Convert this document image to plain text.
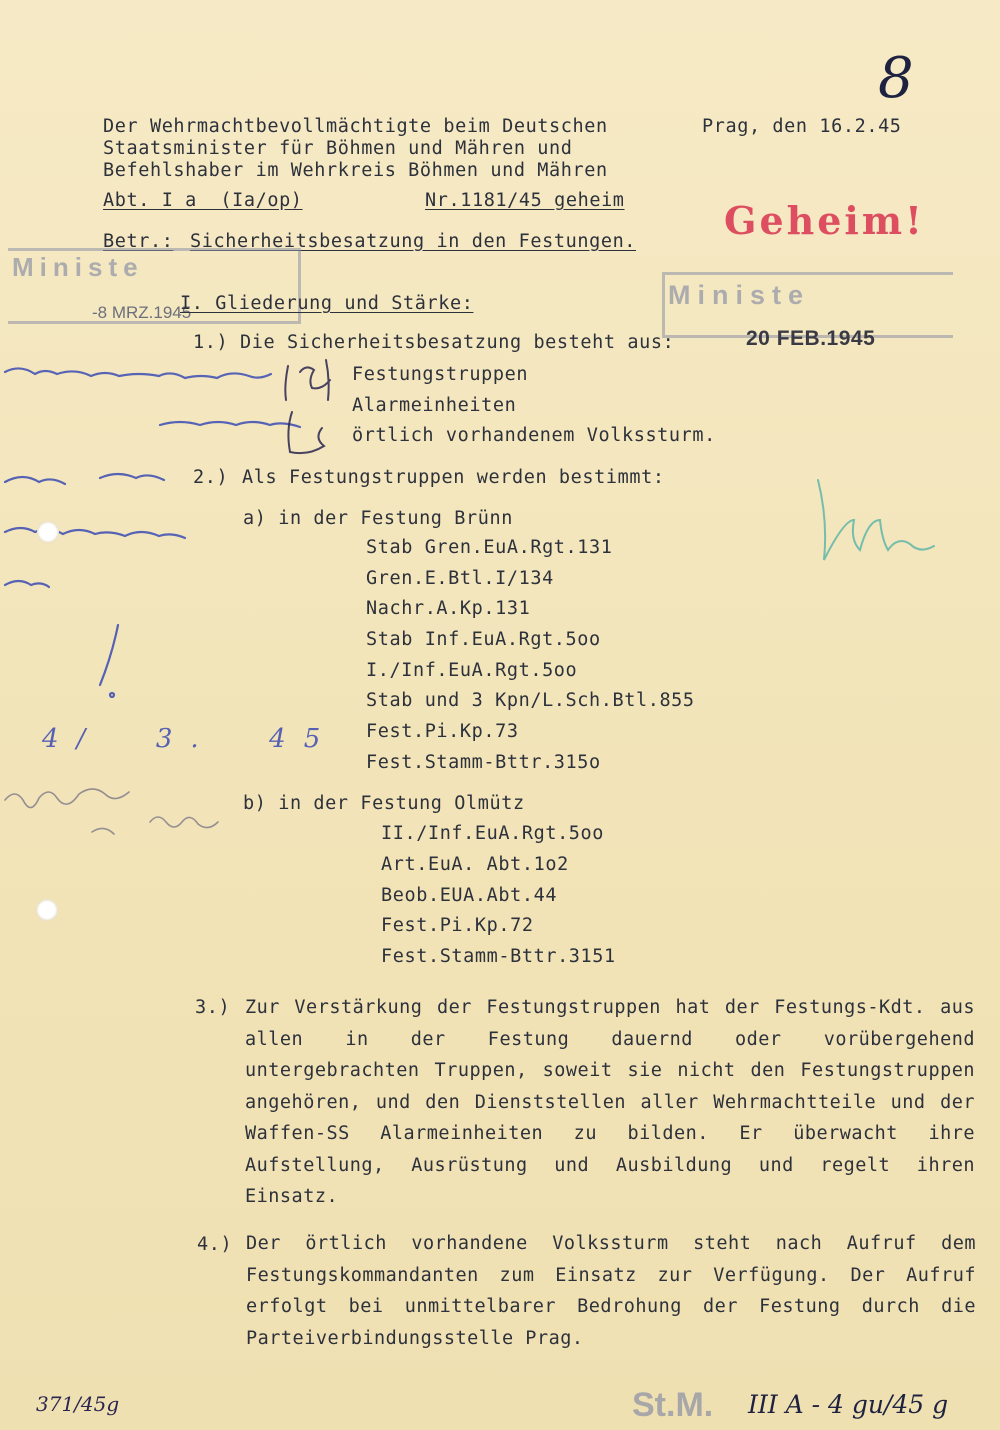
8
Der Wehrmachtbevollmächtigte beim Deutschen
Staatsminister für Böhmen und Mähren und
Befehlshaber im Wehrkreis Böhmen und Mähren
Prag, den 16.2.45
Abt. I a  (Ia/op)	Nr.1181/45 geheim	Geheim!
Betr.: Sicherheitsbesatzung in den Festungen.
Ministe
-8 MRZ.1945
Ministe
20 FEB.1945
I. Gliederung und Stärke:
1.) Die Sicherheitsbesatzung besteht aus:
Festungstruppen
Alarmeinheiten
örtlich vorhandenem Volkssturm.
2.) Als Festungstruppen werden bestimmt:
a) in der Festung Brünn
Stab Gren.EuA.Rgt.131
Gren.E.Btl.I/134
Nachr.A.Kp.131
Stab Inf.EuA.Rgt.5oo
I./Inf.EuA.Rgt.5oo
Stab und 3 Kpn/L.Sch.Btl.855
Fest.Pi.Kp.73
Fest.Stamm-Bttr.315o
b) in der Festung Olmütz
II./Inf.EuA.Rgt.5oo
Art.EuA. Abt.1o2
Beob.EUA.Abt.44
Fest.Pi.Kp.72
Fest.Stamm-Bttr.3151
3.) Zur Verstärkung der Festungstruppen hat der Festungs-Kdt. aus allen in der Festung dauernd oder vorübergehend untergebrachten Truppen, soweit sie nicht den Festungstruppen angehören, und den Dienststellen aller Wehrmachtteile und der Waffen-SS Alarmeinheiten zu bilden. Er überwacht ihre Aufstellung, Ausrüstung und Ausbildung und regelt ihren Einsatz.
4.) Der örtlich vorhandene Volkssturm steht nach Aufruf dem Festungskommandanten zum Einsatz zur Verfügung. Der Aufruf erfolgt bei unmittelbarer Bedrohung der Festung durch die Parteiverbindungsstelle Prag.
4/  3.  45
371/45g	St.M. III A - 4 gu/45 g
